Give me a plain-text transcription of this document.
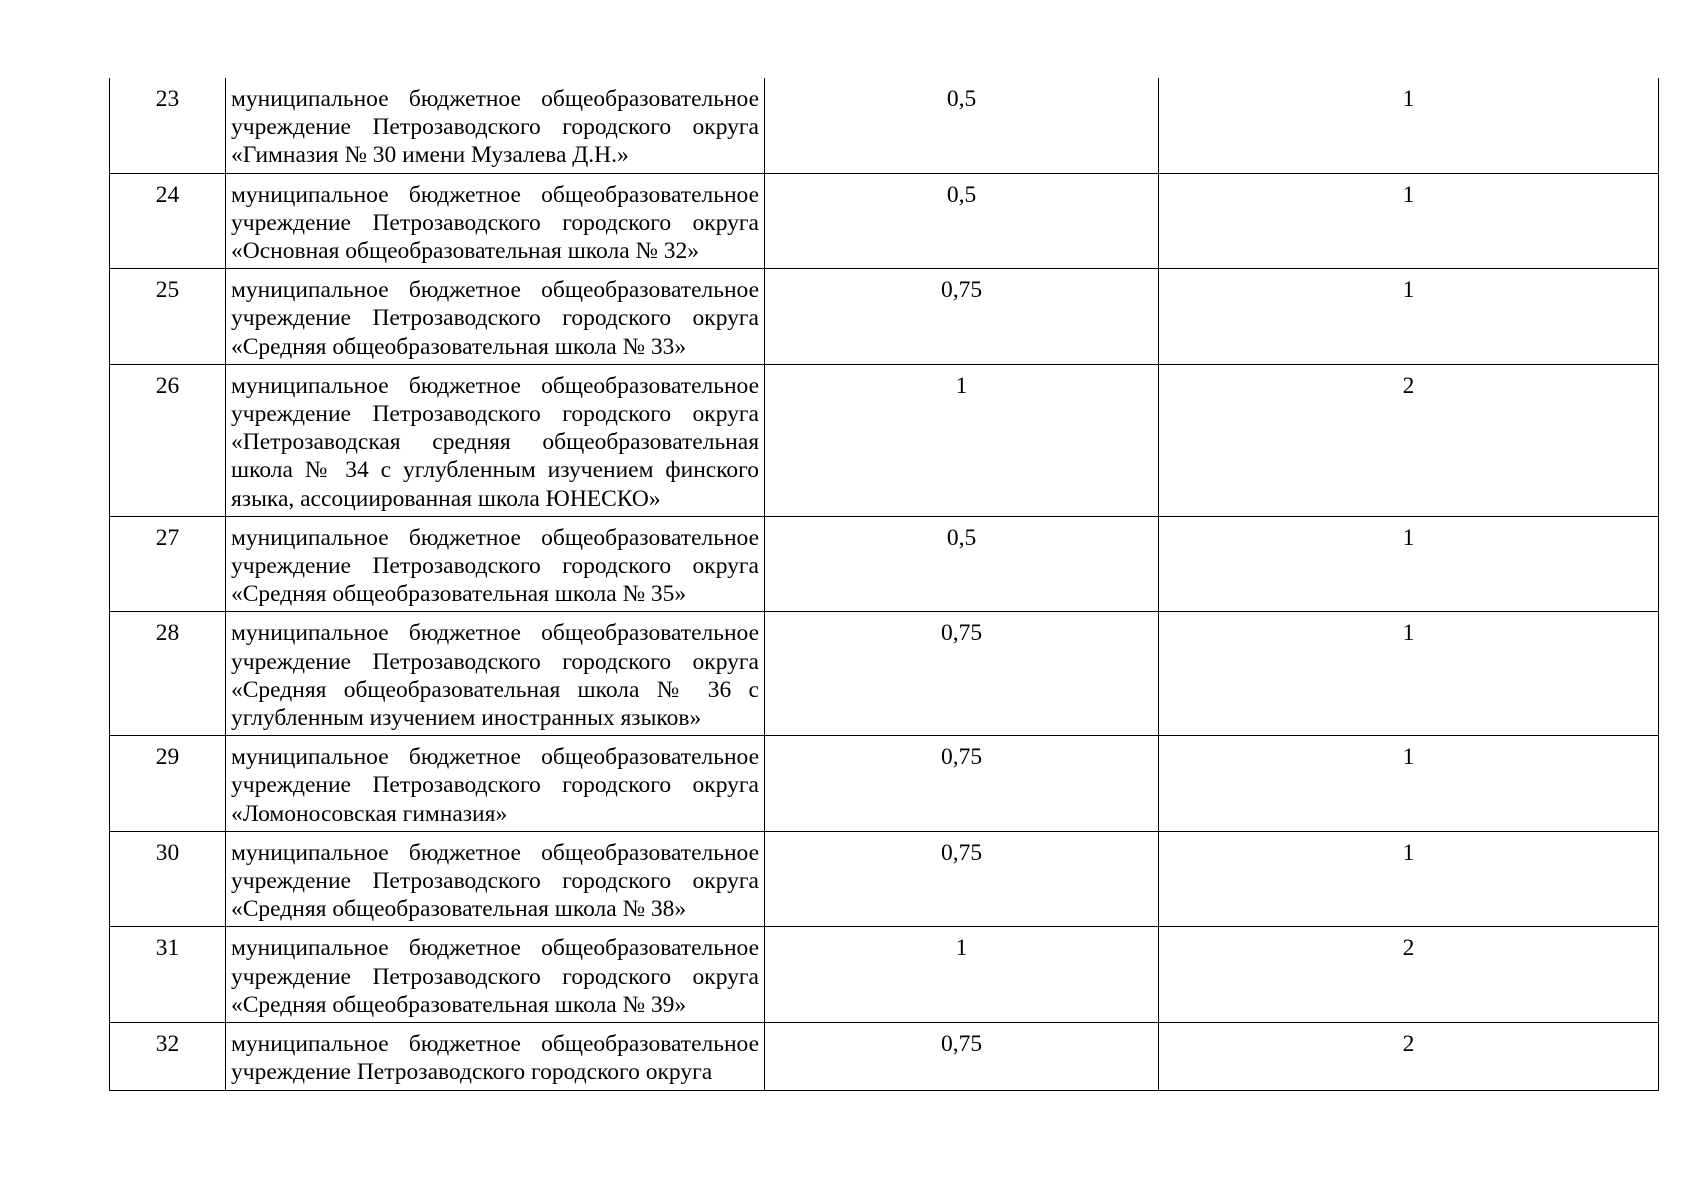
23	муниципальное бюджетное общеобразовательное
учреждение Петрозаводского городского округа
«Гимназия № 30 имени Музалева Д.Н.»	0,5	1
24	муниципальное бюджетное общеобразовательное
учреждение Петрозаводского городского округа
«Основная общеобразовательная школа № 32»	0,5	1
25	муниципальное бюджетное общеобразовательное
учреждение Петрозаводского городского округа
«Средняя общеобразовательная школа № 33»	0,75	1
26	муниципальное бюджетное общеобразовательное
учреждение Петрозаводского городского округа
«Петрозаводская средняя общеобразовательная
школа № 34 с углубленным изучением финского
языка, ассоциированная школа ЮНЕСКО»	1	2
27	муниципальное бюджетное общеобразовательное
учреждение Петрозаводского городского округа
«Средняя общеобразовательная школа № 35»	0,5	1
28	муниципальное бюджетное общеобразовательное
учреждение Петрозаводского городского округа
«Средняя общеобразовательная школа № 36 с
углубленным изучением иностранных языков»	0,75	1
29	муниципальное бюджетное общеобразовательное
учреждение Петрозаводского городского округа
«Ломоносовская гимназия»	0,75	1
30	муниципальное бюджетное общеобразовательное
учреждение Петрозаводского городского округа
«Средняя общеобразовательная школа № 38»	0,75	1
31	муниципальное бюджетное общеобразовательное
учреждение Петрозаводского городского округа
«Средняя общеобразовательная школа № 39»	1	2
32	муниципальное бюджетное общеобразовательное
учреждение Петрозаводского городского округа	0,75	2
